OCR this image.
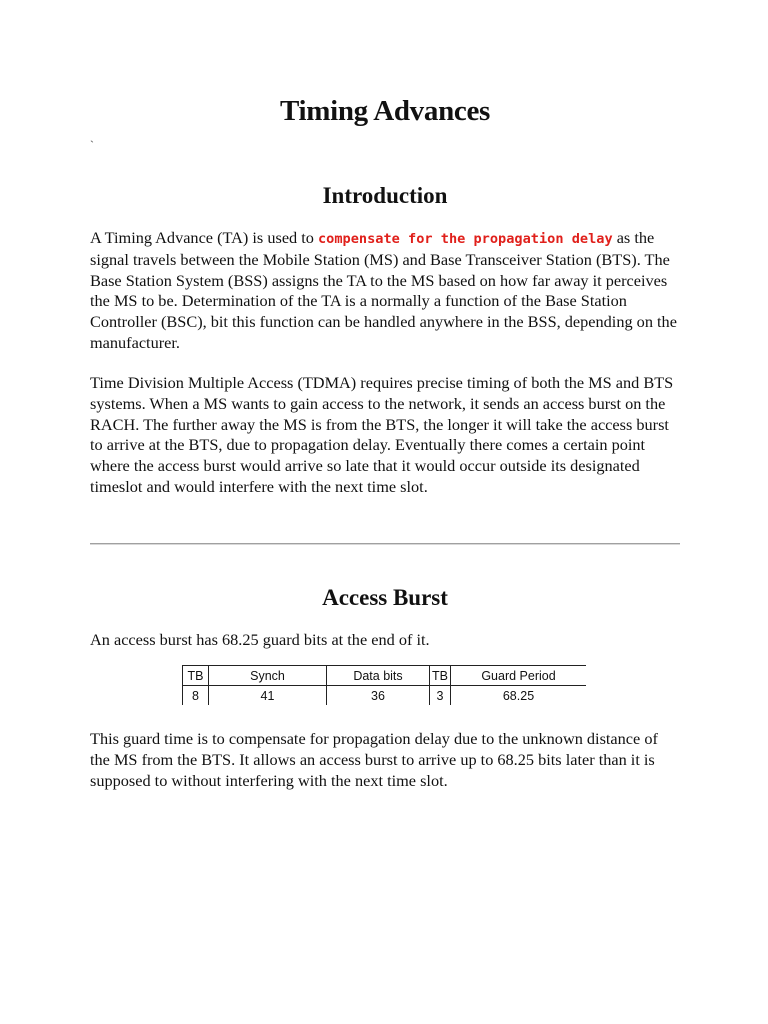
Timing Advances
`
Introduction

A Timing Advance (TA) is used to compensate for the propagation delay as the signal travels between the Mobile Station (MS) and Base Transceiver Station (BTS). The Base Station System (BSS) assigns the TA to the MS based on how far away it perceives the MS to be. Determination of the TA is a normally a function of the Base Station Controller (BSC), bit this function can be handled anywhere in the BSS, depending on the manufacturer.

Time Division Multiple Access (TDMA) requires precise timing of both the MS and BTS systems. When a MS wants to gain access to the network, it sends an access burst on the RACH. The further away the MS is from the BTS, the longer it will take the access burst to arrive at the BTS, due to propagation delay. Eventually there comes a certain point where the access burst would arrive so late that it would occur outside its designated timeslot and would interfere with the next time slot.

Access Burst

An access burst has 68.25 guard bits at the end of it.

TB	Synch	Data bits	TB	Guard Period
8	41	36	3	68.25

This guard time is to compensate for propagation delay due to the unknown distance of the MS from the BTS. It allows an access burst to arrive up to 68.25 bits later than it is supposed to without interfering with the next time slot.
